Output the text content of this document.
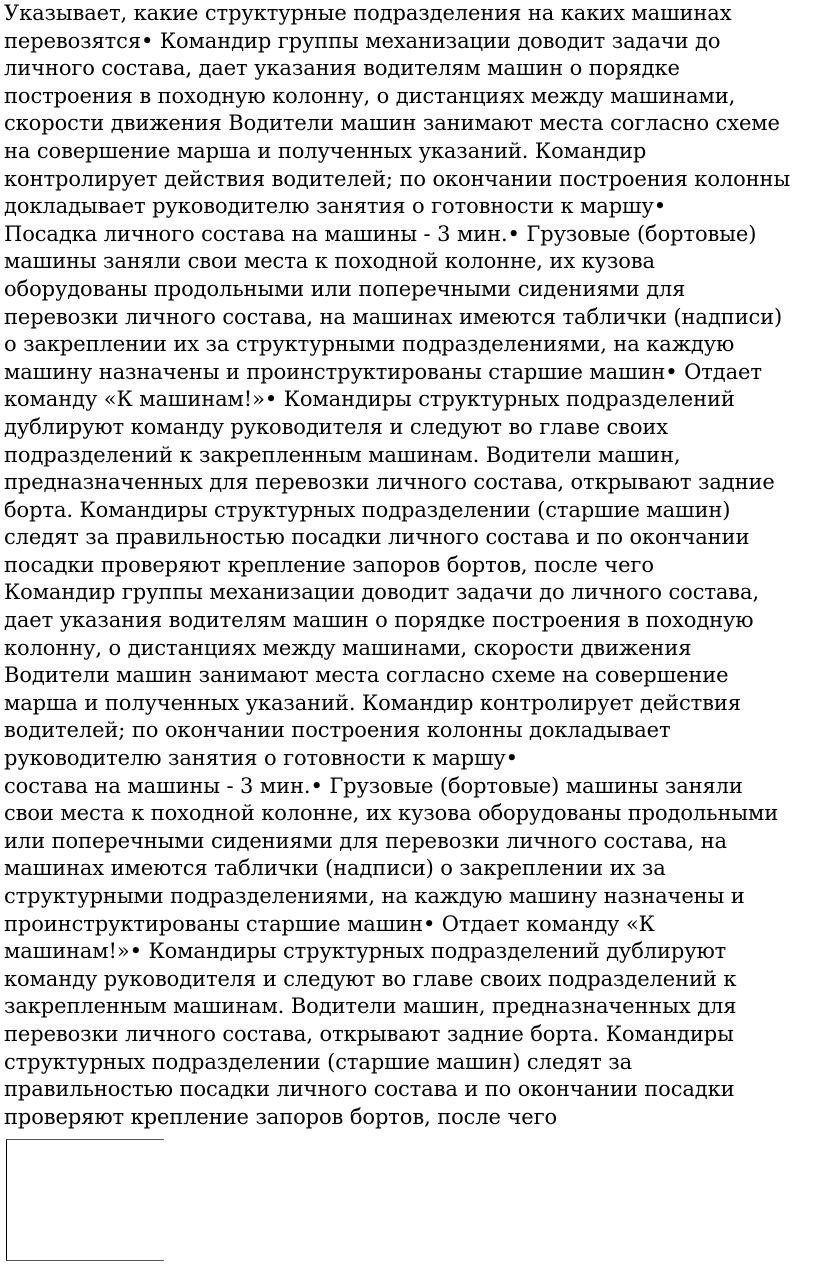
Указывает, какие структурные подразделения на каких машинах
перевозятся• Командир группы механизации доводит задачи до
личного состава, дает указания водителям машин о порядке
построения в походную колонну, о дистанциях между машинами,
скорости движения Водители машин занимают места согласно схеме
на совершение марша и полученных указаний. Командир
контролирует действия водителей; по окончании построения колонны
докладывает руководителю занятия о готовности к маршу•
Посадка личного состава на машины - 3 мин.• Грузовые (бортовые)
машины заняли свои места к походной колонне, их кузова
оборудованы продольными или поперечными сидениями для
перевозки личного состава, на машинах имеются таблички (надписи)
о закреплении их за структурными подразделениями, на каждую
машину назначены и проинструктированы старшие машин• Отдает
команду «К машинам!»• Командиры структурных подразделений
дублируют команду руководителя и следуют во главе своих
подразделений к закрепленным машинам. Водители машин,
предназначенных для перевозки личного состава, открывают задние
борта. Командиры структурных подразделении (старшие машин)
следят за правильностью посадки личного состава и по окончании
посадки проверяют крепление запоров бортов, после чего
Командир группы механизации доводит задачи до личного состава,
дает указания водителям машин о порядке построения в походную
колонну, о дистанциях между машинами, скорости движения
Водители машин занимают места согласно схеме на совершение
марша и полученных указаний. Командир контролирует действия
водителей; по окончании построения колонны докладывает
руководителю занятия о готовности к маршу•
состава на машины - 3 мин.• Грузовые (бортовые) машины заняли
свои места к походной колонне, их кузова оборудованы продольными
или поперечными сидениями для перевозки личного состава, на
машинах имеются таблички (надписи) о закреплении их за
структурными подразделениями, на каждую машину назначены и
проинструктированы старшие машин• Отдает команду «К
машинам!»• Командиры структурных подразделений дублируют
команду руководителя и следуют во главе своих подразделений к
закрепленным машинам. Водители машин, предназначенных для
перевозки личного состава, открывают задние борта. Командиры
структурных подразделении (старшие машин) следят за
правильностью посадки личного состава и по окончании посадки
проверяют крепление запоров бортов, после чего
